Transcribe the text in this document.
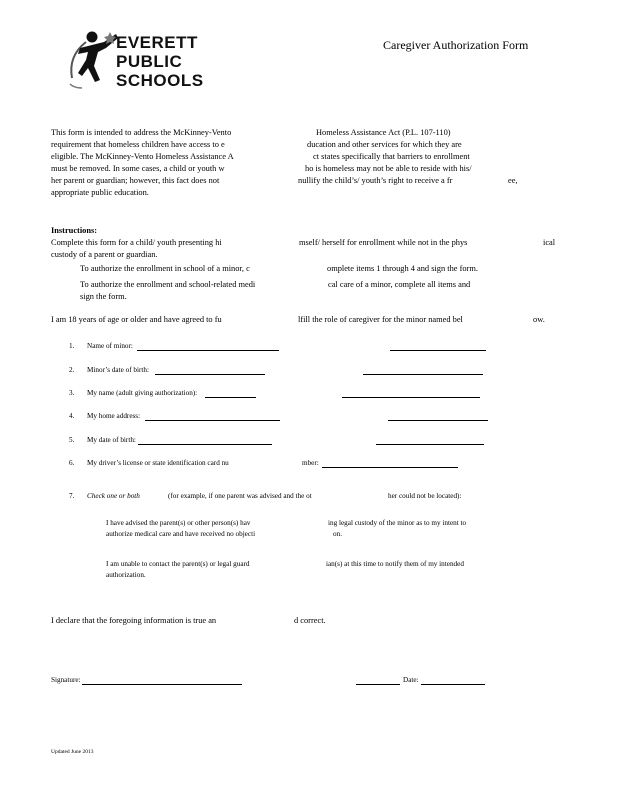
EVERETT
PUBLIC
SCHOOLS
Caregiver Authorization Form
This form is intended to address the McKinney-Vento
requirement that homeless children have access to e
eligible. The McKinney-Vento Homeless Assistance A
must be removed. In some cases, a child or youth w
her parent or guardian; however, this fact does not
appropriate public education.
Homeless Assistance Act (P.L. 107-110)
ducation and other services for which they are
ct states specifically that barriers to enrollment
ho is homeless may not be able to reside with his/
nullify the child’s/ youth’s right to receive a fr	ee,
Instructions:
Complete this form for a child/ youth presenting hi	mself/ herself for enrollment while not in the phys	ical
custody of a parent or guardian.
To authorize the enrollment in school of a minor, c	omplete items 1 through 4 and sign the form.
To authorize the enrollment and school-related medi	cal care of a minor, complete all items and
sign the form.
I am 18 years of age or older and have agreed to fu	lfill the role of caregiver for the minor named bel	ow.
1. Name of minor:
2. Minor’s date of birth:
3. My name (adult giving authorization):
4. My home address:
5. My date of birth:
6. My driver’s license or state identification card nu	mber:
7. Check one or both	(for example, if one parent was advised and the ot	her could not be located):
I have advised the parent(s) or other person(s) hav	ing legal custody of the minor as to my intent to
authorize medical care and have received no objecti	on.
I am unable to contact the parent(s) or legal guard	ian(s) at this time to notify them of my intended
authorization.
I declare that the foregoing information is true an	d correct.
Signature:	Date:
Updated June 2013
